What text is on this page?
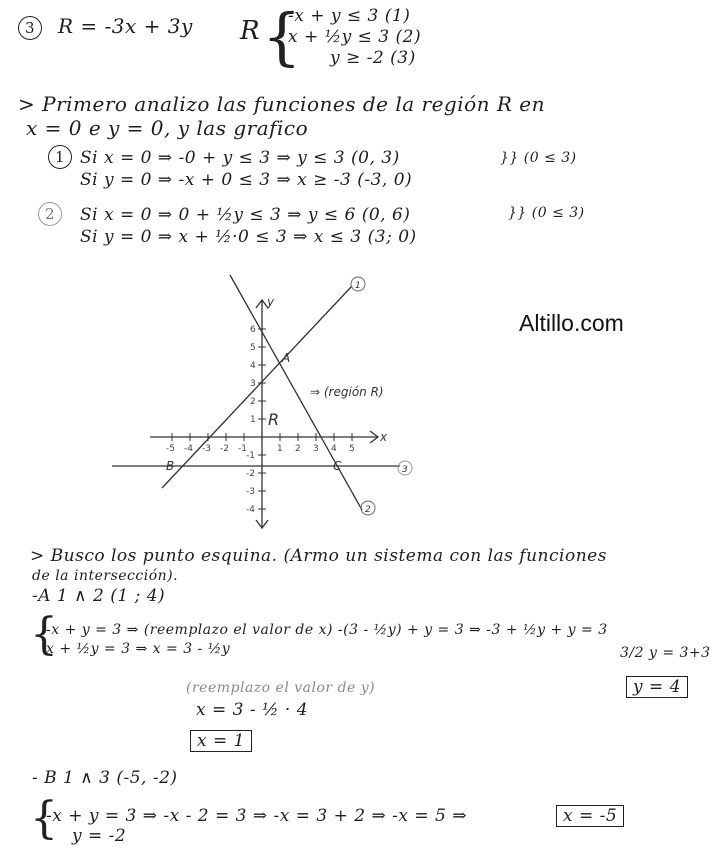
3	R = -3x + 3y R {
-x + y ≤ 3 (1)
x + ½y ≤ 3 (2)
y ≥ -2 (3)
> Primero analizo las funciones de la región R en
x = 0 e y = 0, y las grafico
1 Si x = 0 ⇒ -0 + y ≤ 3 ⇒ y ≤ 3 (0, 3)
Si y = 0 ⇒ -x + 0 ≤ 3 ⇒ x ≥ -3 (-3, 0)
}} (0 ≤ 3)
2	Si x = 0 ⇒ 0 + ½y ≤ 3 ⇒ y ≤ 6 (0, 6)
Si y = 0 ⇒ x + ½·0 ≤ 3 ⇒ x ≤ 3 (3; 0)
}} (0 ≤ 3)
Altillo.com
-5 -4 -3 -2 -1	1 2 3 4 5
6
5
4
3
2
1
-1
-2
-3
-4
x
y
1
2
3
A
B	C
R
⇒ (región R)
> Busco los punto esquina. (Armo un sistema con las funciones
de la intersección).
-A 1 ∧ 2 (1 ; 4)
{
-x + y = 3 ⇒ (reemplazo el valor de x) -(3 - ½y) + y = 3 ⇒ -3 + ½y + y = 3
x + ½y = 3 ⇒ x = 3 - ½y	3/2 y = 3+3
y = 4
(reemplazo el valor de y)
x = 3 - ½ · 4
x = 1
- B 1 ∧ 3 (-5, -2)
{
-x + y = 3 ⇒ -x - 2 = 3 ⇒ -x = 3 + 2 ⇒ -x = 5 ⇒
y = -2
x = -5
